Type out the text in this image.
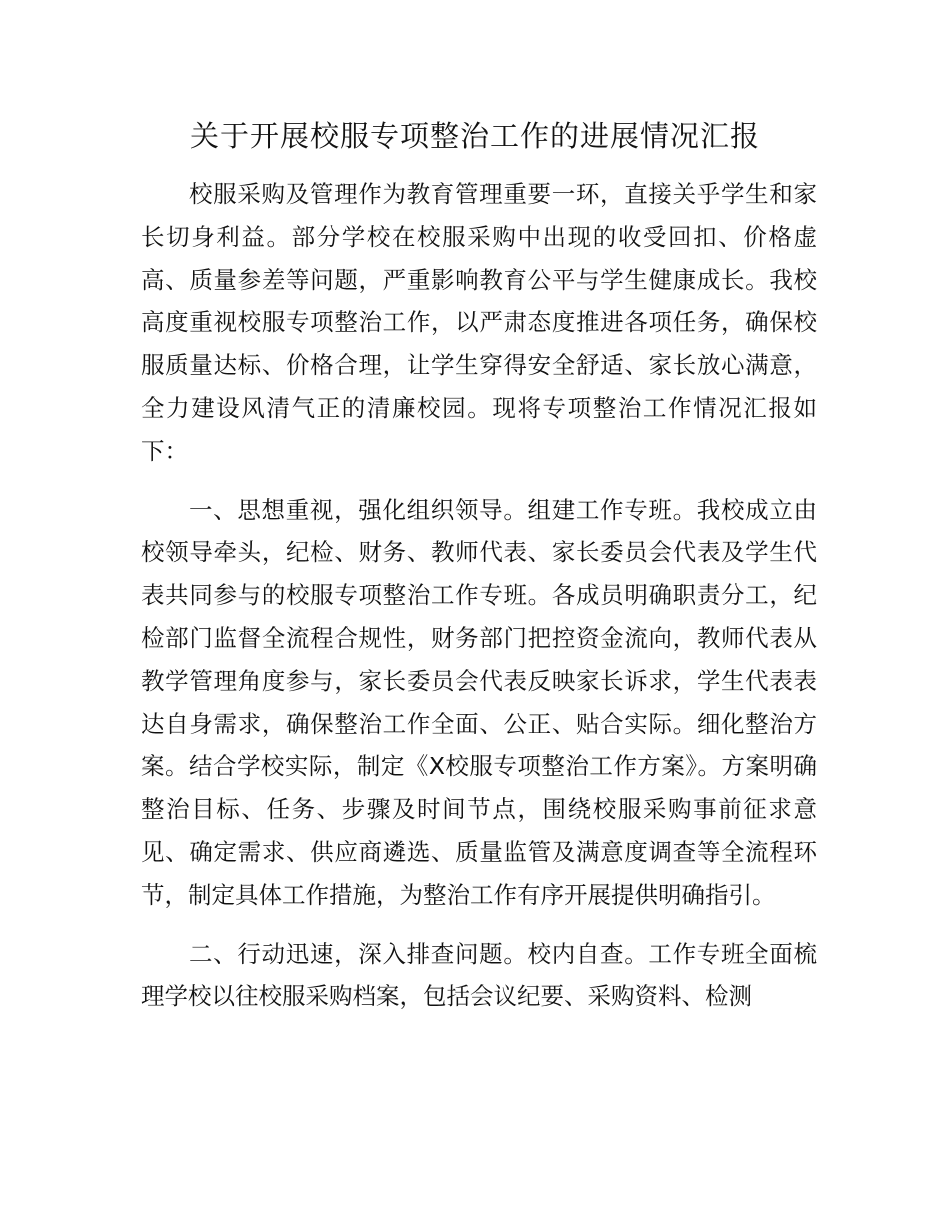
关于开展校服专项整治工作的进展情况汇报

校服采购及管理作为教育管理重要一环，直接关乎学生和家长切身利益。部分学校在校服采购中出现的收受回扣、价格虚高、质量参差等问题，严重影响教育公平与学生健康成长。我校高度重视校服专项整治工作，以严肃态度推进各项任务，确保校服质量达标、价格合理，让学生穿得安全舒适、家长放心满意，全力建设风清气正的清廉校园。现将专项整治工作情况汇报如下：

一、思想重视，强化组织领导。组建工作专班。我校成立由校领导牵头，纪检、财务、教师代表、家长委员会代表及学生代表共同参与的校服专项整治工作专班。各成员明确职责分工，纪检部门监督全流程合规性，财务部门把控资金流向，教师代表从教学管理角度参与，家长委员会代表反映家长诉求，学生代表表达自身需求，确保整治工作全面、公正、贴合实际。细化整治方案。结合学校实际，制定《X校服专项整治工作方案》。方案明确整治目标、任务、步骤及时间节点，围绕校服采购事前征求意见、确定需求、供应商遴选、质量监管及满意度调查等全流程环节，制定具体工作措施，为整治工作有序开展提供明确指引。

二、行动迅速，深入排查问题。校内自查。工作专班全面梳理学校以往校服采购档案，包括会议纪要、采购资料、检测
